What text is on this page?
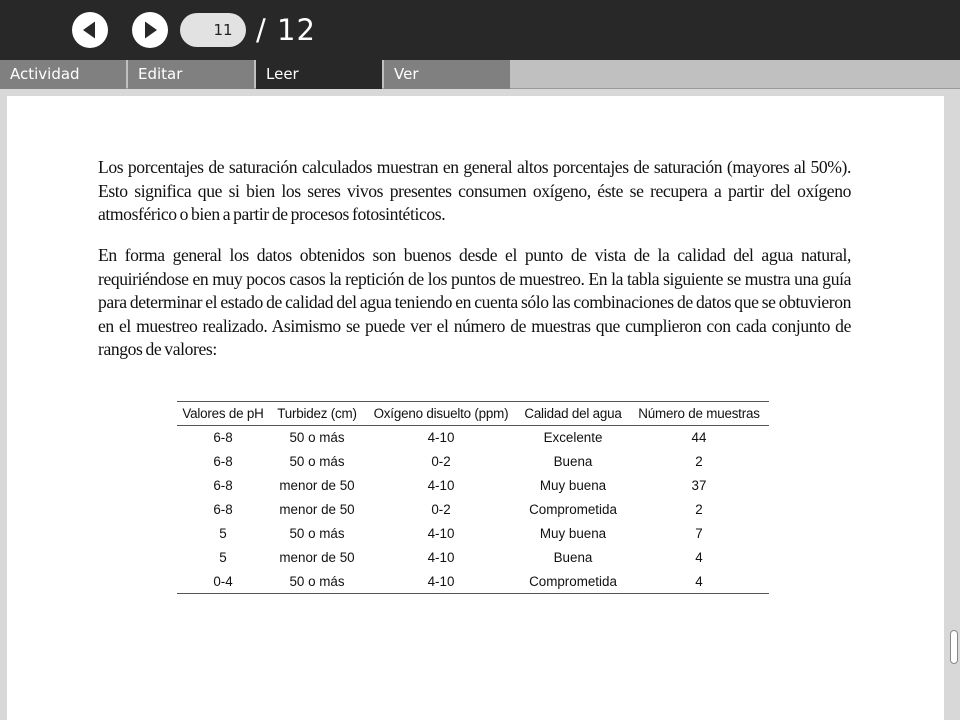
11
/ 12
Actividad	Editar	Leer	Ver

Los porcentajes de saturación calculados muestran en general altos porcentajes de saturación (mayores al 50%). Esto significa que si bien los seres vivos presentes consumen oxígeno, éste se recupera a partir del oxígeno atmosférico o bien a partir de procesos fotosintéticos.

En forma general los datos obtenidos son buenos desde el punto de vista de la calidad del agua natural, requiriéndose en muy pocos casos la reptición de los puntos de muestreo. En la tabla siguiente se mustra una guía para determinar el estado de calidad del agua teniendo en cuenta sólo las combinaciones de datos que se obtuvieron en el muestreo realizado. Asimismo se puede ver el número de muestras que cumplieron con cada conjunto de rangos de valores:

Valores de pH	Turbidez (cm)	Oxígeno disuelto (ppm)	Calidad del agua	Número de muestras
6-8	50 o más	4-10	Excelente	44
6-8	50 o más	0-2	Buena	2
6-8	menor de 50	4-10	Muy buena	37
6-8	menor de 50	0-2	Comprometida	2
5	50 o más	4-10	Muy buena	7
5	menor de 50	4-10	Buena	4
0-4	50 o más	4-10	Comprometida	4
